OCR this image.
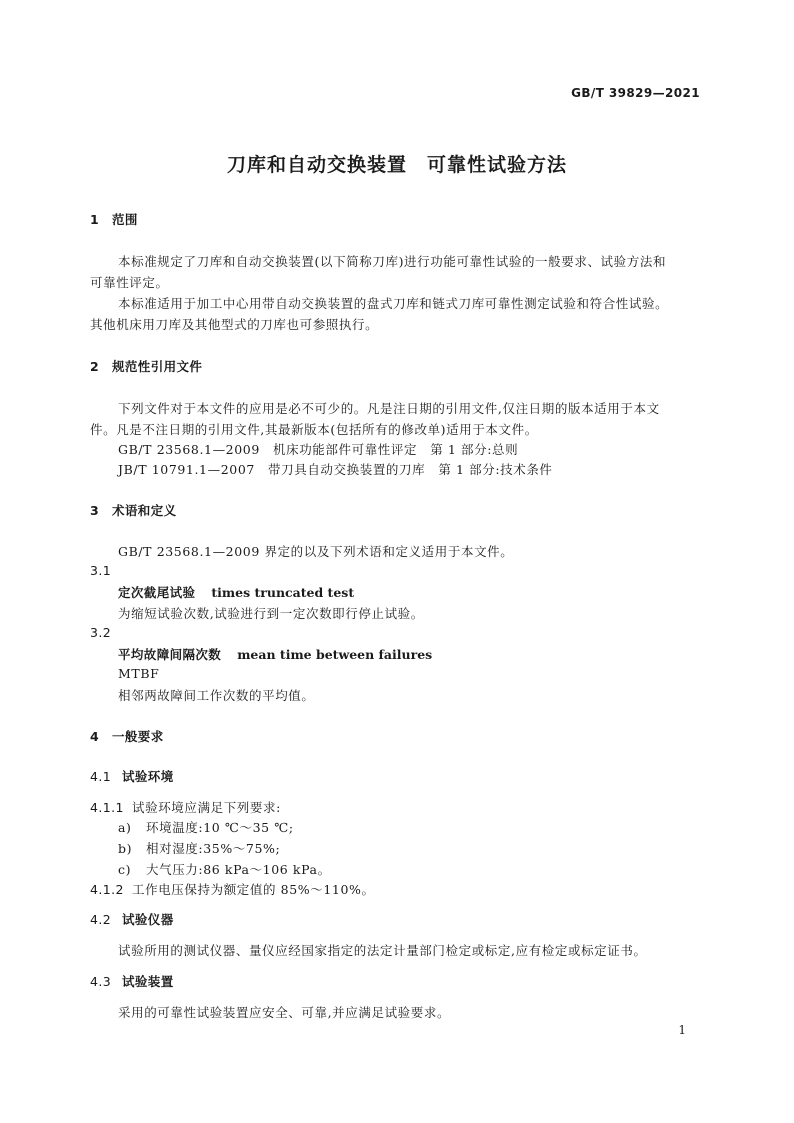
GB/T 39829—2021
刀库和自动交换装置　可靠性试验方法
1 范围
本标准规定了刀库和自动交换装置(以下简称刀库)进行功能可靠性试验的一般要求、试验方法和
可靠性评定。
本标准适用于加工中心用带自动交换装置的盘式刀库和链式刀库可靠性测定试验和符合性试验。
其他机床用刀库及其他型式的刀库也可参照执行。
2 规范性引用文件
下列文件对于本文件的应用是必不可少的。凡是注日期的引用文件,仅注日期的版本适用于本文
件。凡是不注日期的引用文件,其最新版本(包括所有的修改单)适用于本文件。
GB/T 23568.1—2009　机床功能部件可靠性评定　第 1 部分:总则
JB/T 10791.1—2007　带刀具自动交换装置的刀库　第 1 部分:技术条件
3 术语和定义
GB/T 23568.1—2009 界定的以及下列术语和定义适用于本文件。
3.1
定次截尾试验 times truncated test
为缩短试验次数,试验进行到一定次数即行停止试验。
3.2
平均故障间隔次数 mean time between failures
MTBF
相邻两故障间工作次数的平均值。
4 一般要求
4.1 试验环境
4.1.1 试验环境应满足下列要求:
a) 环境温度:10 ℃～35 ℃;
b) 相对湿度:35%～75%;
c) 大气压力:86 kPa～106 kPa。
4.1.2 工作电压保持为额定值的 85%～110%。
4.2 试验仪器
试验所用的测试仪器、量仪应经国家指定的法定计量部门检定或标定,应有检定或标定证书。
4.3 试验装置
采用的可靠性试验装置应安全、可靠,并应满足试验要求。
1
